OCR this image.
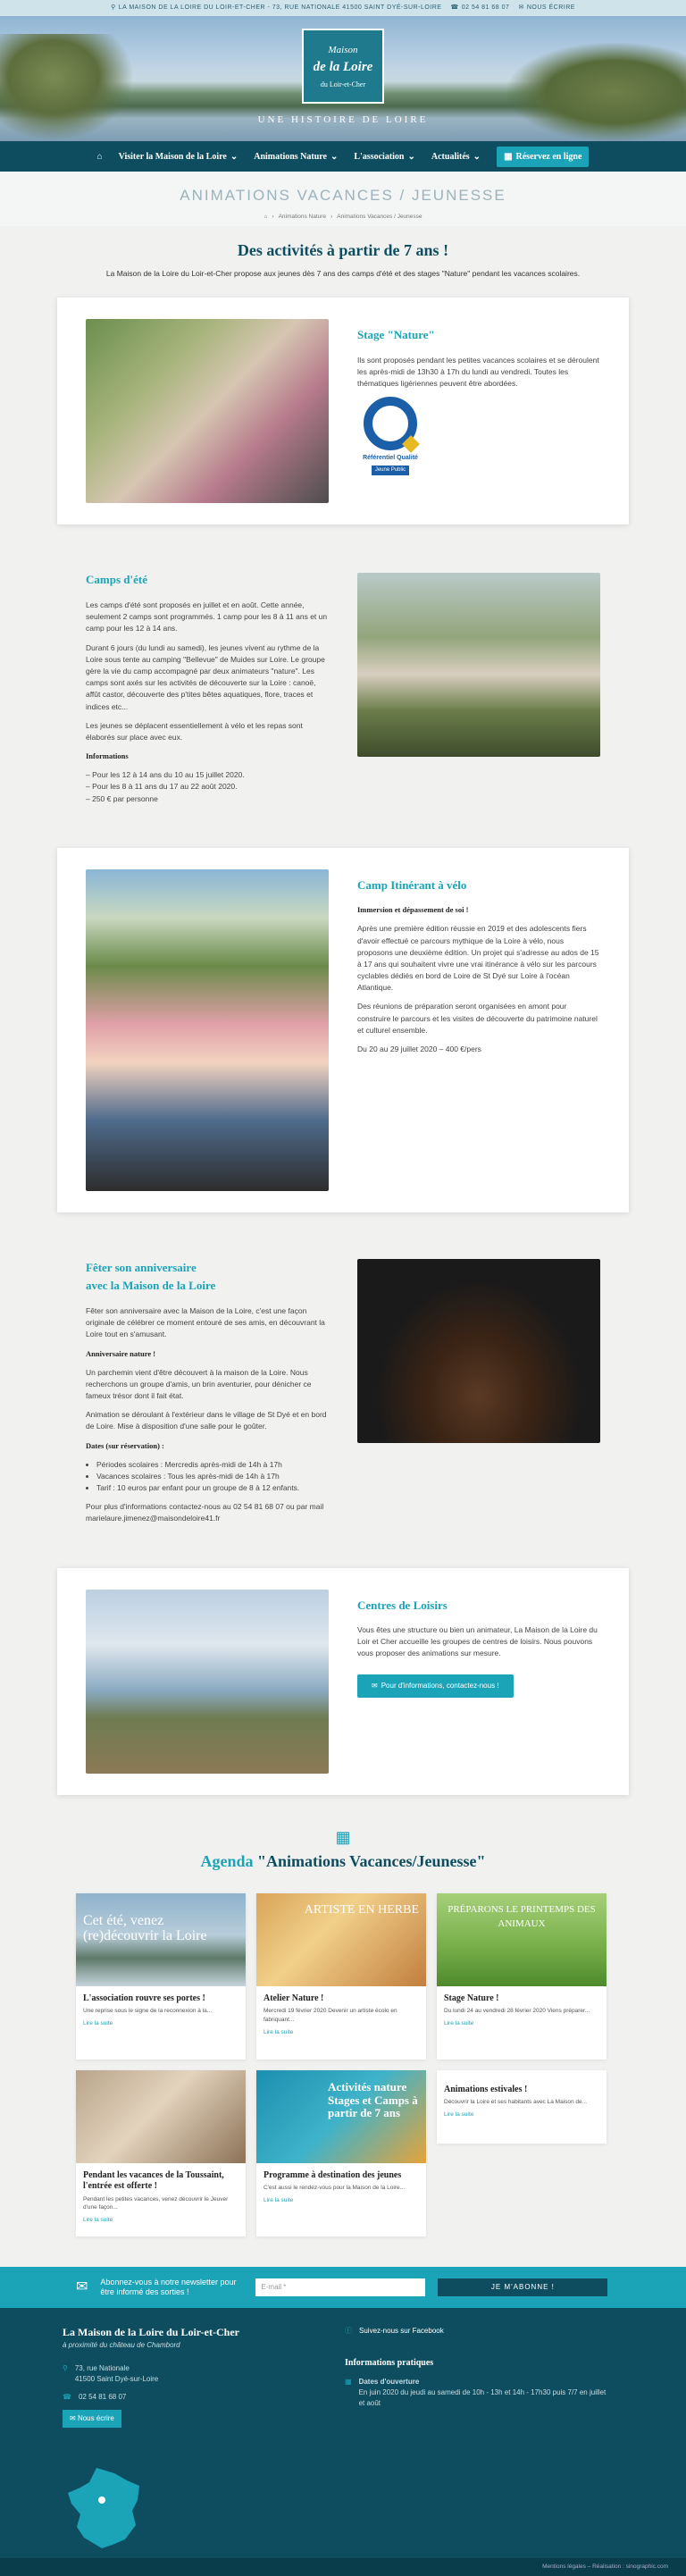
⚲ LA MAISON DE LA LOIRE DU LOIR-ET-CHER - 73, RUE NATIONALE 41500 SAINT DYÉ-SUR-LOIRE ☎ 02 54 81 68 07 ✉ NOUS ÉCRIRE
Maison
de la Loire
du Loir-et-Cher
UNE HISTOIRE DE LOIRE
⌂ Visiter la Maison de la Loire ⌄ Animations Nature ⌄ L'association ⌄ Actualités ⌄	▦ Réservez en ligne
ANIMATIONS VACANCES / JEUNESSE
⌂ › Animations Nature › Animations Vacances / Jeunesse
Des activités à partir de 7 ans !

La Maison de la Loire du Loir-et-Cher propose aux jeunes dès 7 ans des camps d'été et des stages "Nature" pendant les vacances scolaires.

Stage "Nature"

Ils sont proposés pendant les petites vacances scolaires et se déroulent les après-midi de 13h30 à 17h du lundi au vendredi. Toutes les thématiques ligériennes peuvent être abordées.

Référentiel Qualité
Jeune Public
Camps d'été

Les camps d'été sont proposés en juillet et en août. Cette année, seulement 2 camps sont programmés. 1 camp pour les 8 à 11 ans et un camp pour les 12 à 14 ans.

Durant 6 jours (du lundi au samedi), les jeunes vivent au rythme de la Loire sous tente au camping "Bellevue" de Muides sur Loire. Le groupe gère la vie du camp accompagné par deux animateurs "nature". Les camps sont axés sur les activités de découverte sur la Loire : canoë, affût castor, découverte des p'tites bêtes aquatiques, flore, traces et indices etc...

Les jeunes se déplacent essentiellement à vélo et les repas sont élaborés sur place avec eux.

Informations

– Pour les 12 à 14 ans du 10 au 15 juillet 2020.
– Pour les 8 à 11 ans du 17 au 22 août 2020.
– 250 € par personne
Camp Itinérant à vélo

Immersion et dépassement de soi !

Après une première édition réussie en 2019 et des adolescents fiers d'avoir effectué ce parcours mythique de la Loire à vélo, nous proposons une deuxième édition. Un projet qui s'adresse au ados de 15 à 17 ans qui souhaitent vivre une vrai itinérance à vélo sur les parcours cyclables dédiés en bord de Loire de St Dyé sur Loire à l'océan Atlantique.

Des réunions de préparation seront organisées en amont pour construire le parcours et les visites de découverte du patrimoine naturel et culturel ensemble.

Du 20 au 29 juillet 2020 – 400 €/pers

Fêter son anniversaire
avec la Maison de la Loire

Fêter son anniversaire avec la Maison de la Loire, c'est une façon originale de célébrer ce moment entouré de ses amis, en découvrant la Loire tout en s'amusant.

Anniversaire nature !

Un parchemin vient d'être découvert à la maison de la Loire. Nous recherchons un groupe d'amis, un brin aventurier, pour dénicher ce fameux trésor dont il fait état.

Animation se déroulant à l'extérieur dans le village de St Dyé et en bord de Loire. Mise à disposition d'une salle pour le goûter.

Dates (sur réservation) :

• Périodes scolaires : Mercredis après-midi de 14h à 17h
• Vacances scolaires : Tous les après-midi de 14h à 17h
• Tarif : 10 euros par enfant pour un groupe de 8 à 12 enfants.

Pour plus d'informations contactez-nous au 02 54 81 68 07 ou par mail marielaure.jimenez@maisondeloire41.fr

Centres de Loisirs

Vous êtes une structure ou bien un animateur, La Maison de la Loire du Loir et Cher accueille les groupes de centres de loisirs. Nous pouvons vous proposer des animations sur mesure.

✉ Pour d'informations, contactez-nous !
▦
Agenda "Animations Vacances/Jeunesse"
Cet été, venez (re)découvrir la Loire
L'association rouvre ses portes !
Une reprise sous le signe de la reconnexion à la...
Lire la suite
ARTISTE EN HERBE
Atelier Nature !
Mercredi 19 février 2020 Devenir un artiste écolo en fabriquant...
Lire la suite
PRÉPARONS LE PRINTEMPS DES ANIMAUX
Stage Nature !
Du lundi 24 au vendredi 28 février 2020 Viens préparer...
Lire la suite
Pendant les vacances de la Toussaint, l'entrée est offerte !
Pendant les petites vacances, venez découvrir le Jeuver d'une façon...
Lire la suite
Activités nature Stages et Camps à partir de 7 ans
Programme à destination des jeunes
C'est aussi le rendez-vous pour la Maison de la Loire...
Lire la suite
Animations estivales !
Découvrir la Loire et ses habitants avec La Maison de...
Lire la suite
✉ Abonnez-vous à notre newsletter pour être informé des sorties !
E-mail *	JE M'ABONNE !
La Maison de la Loire du Loir-et-Cher
à proximité du château de Chambord
⚲ 73, rue Nationale
41500 Saint Dyé-sur-Loire
☎ 02 54 81 68 07
✉ Nous écrire
ⓕ Suivez-nous sur Facebook
Informations pratiques
▦ Dates d'ouverture
En juin 2020 du jeudi au samedi de 10h - 13h et 14h - 17h30 puis 7/7 en juillet et août
Mentions légales – Réalisation : sinographic.com
